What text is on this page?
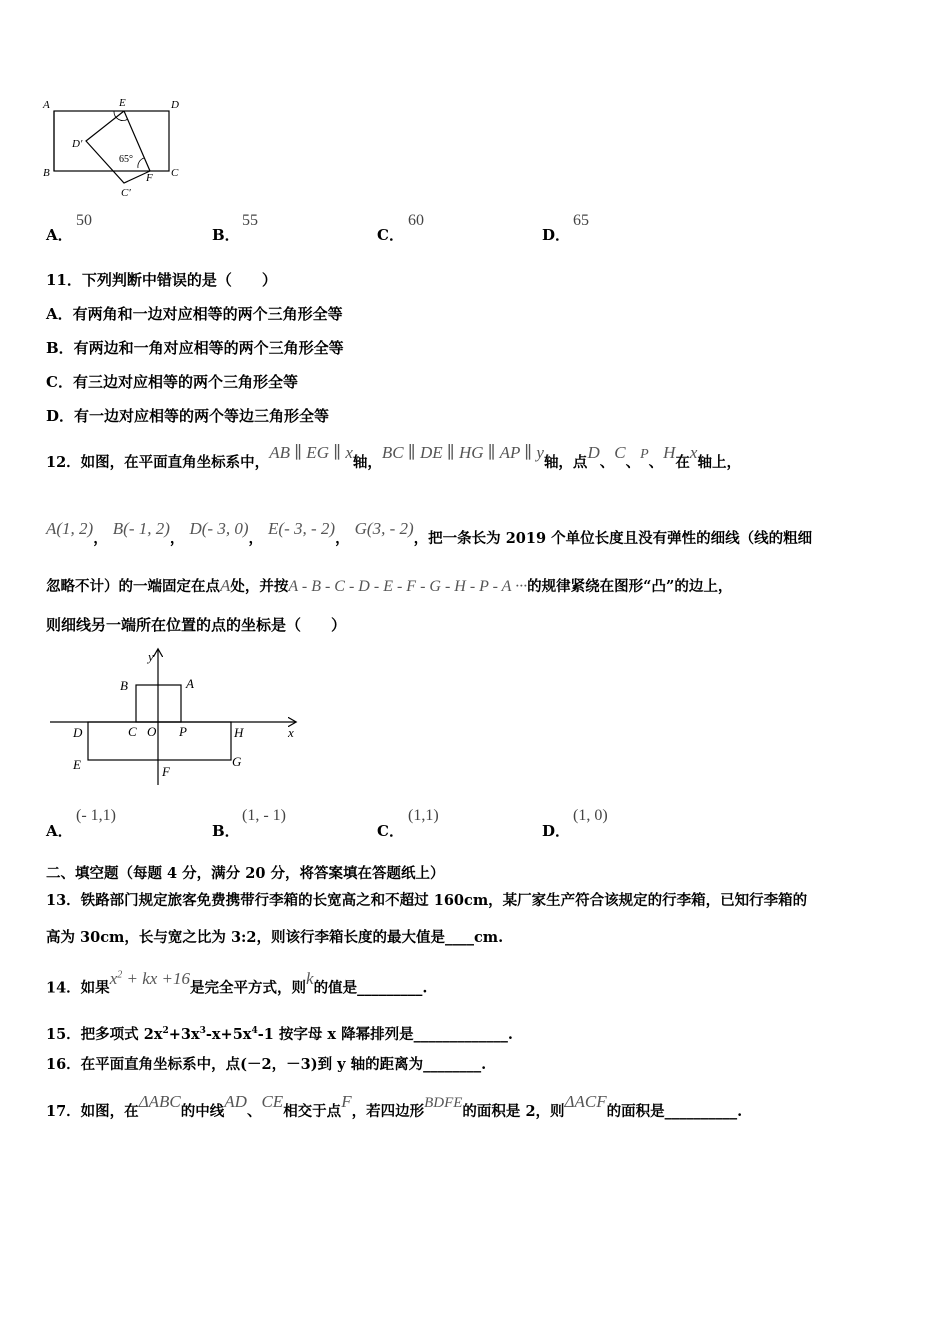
A	E	D
D′
B	C
F
C′
65°
A．
50
B．
55
C．
60
D．
65
11．下列判断中错误的是（　　）
A．有两角和一边对应相等的两个三角形全等
B．有两边和一角对应相等的两个三角形全等
C．有三边对应相等的两个三角形全等
D．有一边对应相等的两个等边三角形全等
12．如图，在平面直角坐标系中，AB ∥ EG ∥ x轴，BC ∥ DE ∥ HG ∥ AP ∥ y轴，点D、C、P、H在x轴上，
A(1, 2)， B(- 1, 2)， D(- 3, 0)， E(- 3, - 2)， G(3, - 2)，把一条长为 2019 个单位长度且没有弹性的细线（线的粗细
忽略不计）的一端固定在点A处，并按A - B - C - D - E - F - G - H - P - A ···的规律紧绕在图形“凸”的边上，
则细线另一端所在位置的点的坐标是（　　）
y
x
A
B
C O P
D	H
E	F
G
A．
(- 1,1)
B．
(1, - 1)
C．
(1,1)
D．
(1, 0)
二、填空题（每题 4 分，满分 20 分，将答案填在答题纸上）
13．铁路部门规定旅客免费携带行李箱的长宽高之和不超过 160cm，某厂家生产符合该规定的行李箱，已知行李箱的
高为 30cm，长与宽之比为 3:2，则该行李箱长度的最大值是____cm.
14．如果$x^2$ + kx +16是完全平方式，则k的值是_________.
15．把多项式 $2x^2+3x^3-x+5x^4-1$ 按字母 x 降幂排列是_____________.
16．在平面直角坐标系中，点(－2，－3)到 y 轴的距离为________.
17．如图，在ΔABC的中线AD、CE相交于点F，若四边形BDFE的面积是 2，则ΔACF的面积是__________.
